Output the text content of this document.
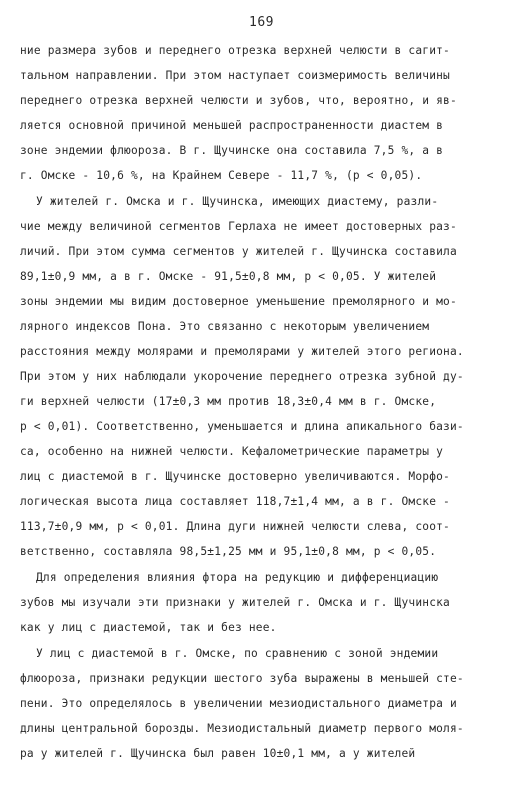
169
ние размера зубов и переднего отрезка верхней челюсти в сагит-
тальном направлении. При этом наступает соизмеримость величины
переднего отрезка верхней челюсти и зубов, что, вероятно, и яв-
ляется основной причиной меньшей распространенности диастем в
зоне эндемии флюороза. В г. Щучинске она составила 7,5 %, а в
г. Омске - 10,6 %, на Крайнем Севере - 11,7 %, (р < 0,05).
У жителей г. Омска и г. Щучинска, имеющих диастему, разли-
чие между величиной сегментов Герлаха не имеет достоверных раз-
личий. При этом сумма сегментов у жителей г. Щучинска составила
89,1±0,9 мм, а в г. Омске - 91,5±0,8 мм, р < 0,05. У жителей
зоны эндемии мы видим достоверное уменьшение премолярного и мо-
лярного индексов Пона. Это связанно с некоторым увеличением
расстояния между молярами и премолярами у жителей этого региона.
При этом у них наблюдали укорочение переднего отрезка зубной ду-
ги верхней челюсти (17±0,3 мм против 18,3±0,4 мм в г. Омске,
р < 0,01). Соответственно, уменьшается и длина апикального бази-
са, особенно на нижней челюсти. Кефалометрические параметры у
лиц с диастемой в г. Щучинске достоверно увеличиваются. Морфо-
логическая высота лица составляет 118,7±1,4 мм, а в г. Омске -
113,7±0,9 мм, р < 0,01. Длина дуги нижней челюсти слева, соот-
ветственно, составляла 98,5±1,25 мм и 95,1±0,8 мм, р < 0,05.
Для определения влияния фтора на редукцию и дифференциацию
зубов мы изучали эти признаки у жителей г. Омска и г. Щучинска
как у лиц с диастемой, так и без нее.
У лиц с диастемой в г. Омске, по сравнению с зоной эндемии
флюороза, признаки редукции шестого зуба выражены в меньшей сте-
пени. Это определялось в увеличении мезиодистального диаметра и
длины центральной борозды. Мезиодистальный диаметр первого моля-
ра у жителей г. Щучинска был равен 10±0,1 мм, а у жителей
